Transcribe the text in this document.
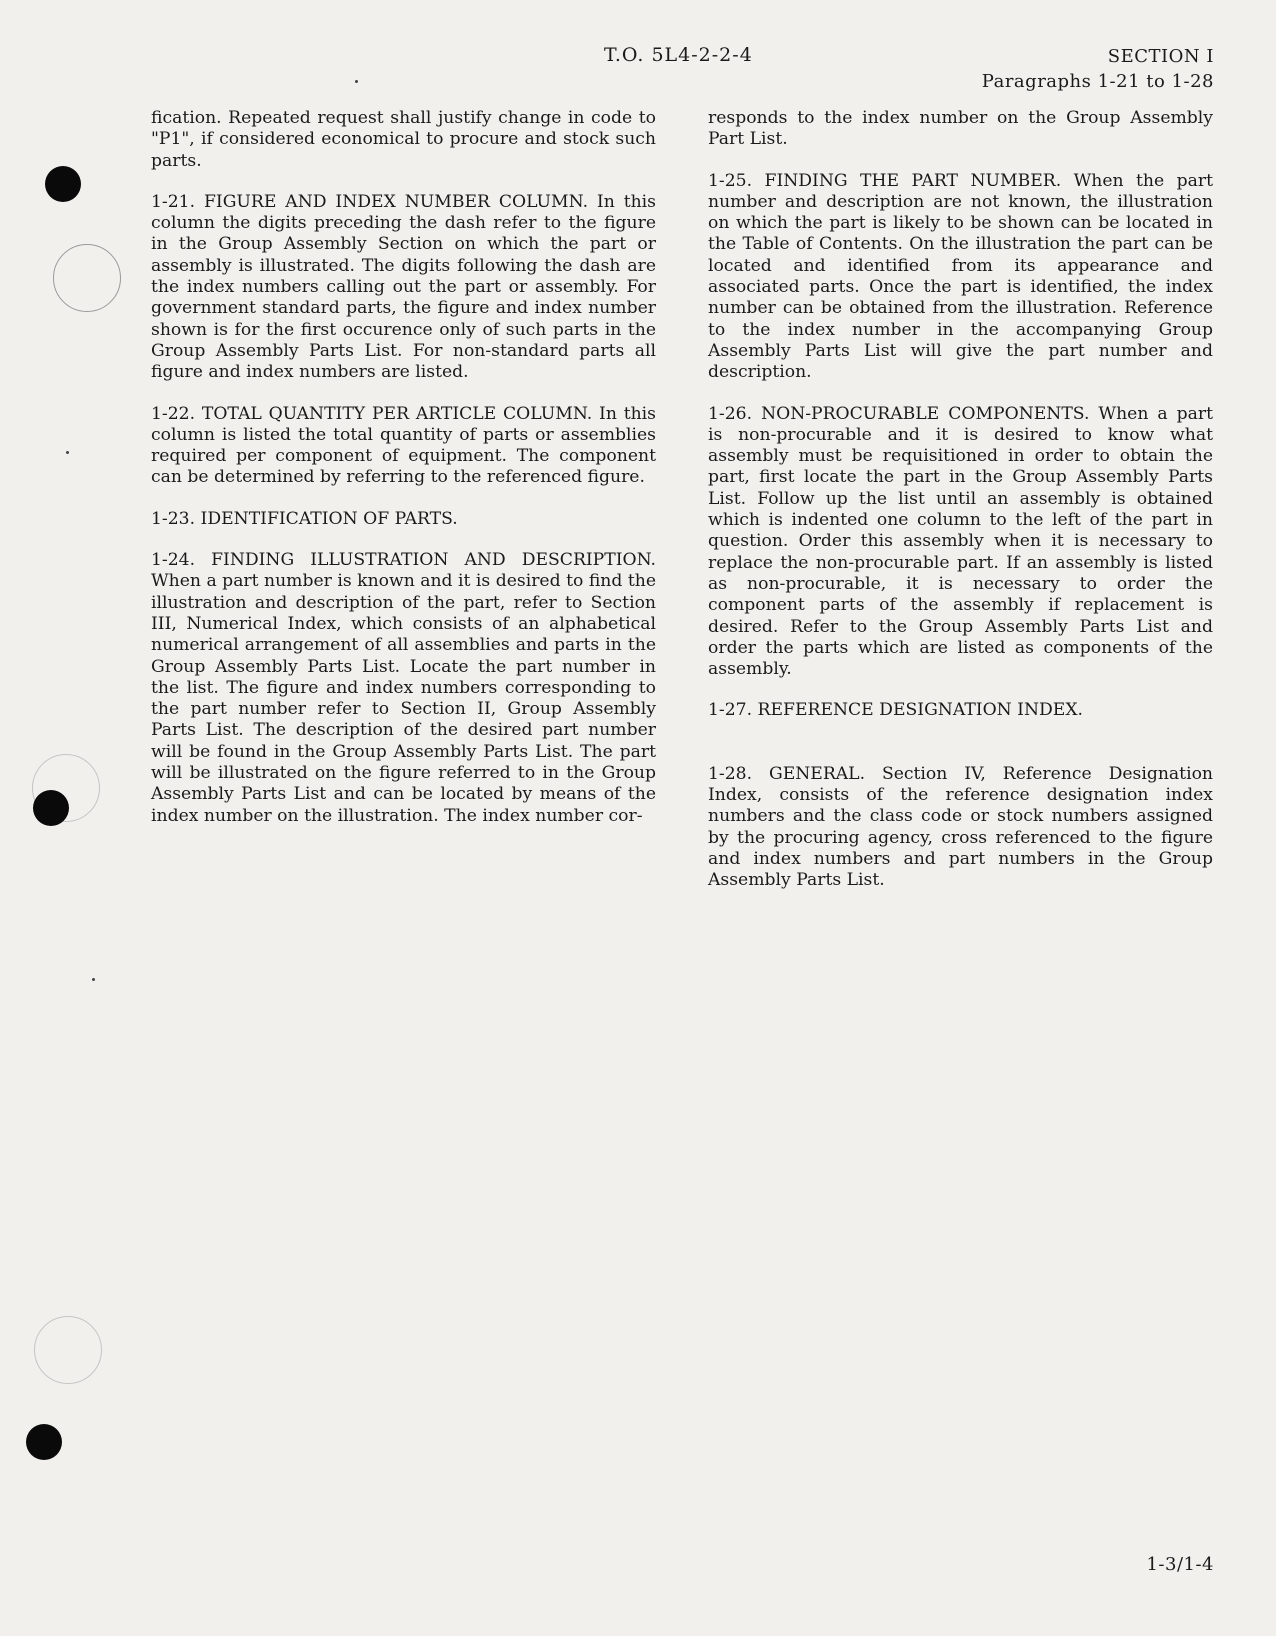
T.O. 5L4-2-2-4	SECTION I
Paragraphs 1-21 to 1-28

fication. Repeated request shall justify change in code to "P1", if considered economical to procure and stock such parts.

1-21. FIGURE AND INDEX NUMBER COLUMN. In this column the digits preceding the dash refer to the figure in the Group Assembly Section on which the part or assembly is illustrated. The digits following the dash are the index numbers calling out the part or assembly. For government standard parts, the figure and index number shown is for the first occurence only of such parts in the Group Assembly Parts List. For non-standard parts all figure and index numbers are listed.

1-22. TOTAL QUANTITY PER ARTICLE COLUMN. In this column is listed the total quantity of parts or assemblies required per component of equipment. The component can be determined by referring to the referenced figure.

1-23. IDENTIFICATION OF PARTS.

1-24. FINDING ILLUSTRATION AND DESCRIPTION. When a part number is known and it is desired to find the illustration and description of the part, refer to Section III, Numerical Index, which consists of an alphabetical numerical arrangement of all assemblies and parts in the Group Assembly Parts List. Locate the part number in the list. The figure and index numbers corresponding to the part number refer to Section II, Group Assembly Parts List. The description of the desired part number will be found in the Group Assembly Parts List. The part will be illustrated on the figure referred to in the Group Assembly Parts List and can be located by means of the index number on the illustration. The index number cor-

responds to the index number on the Group Assembly Part List.

1-25. FINDING THE PART NUMBER. When the part number and description are not known, the illustration on which the part is likely to be shown can be located in the Table of Contents. On the illustration the part can be located and identified from its appearance and associated parts. Once the part is identified, the index number can be obtained from the illustration. Reference to the index number in the accompanying Group Assembly Parts List will give the part number and description.

1-26. NON-PROCURABLE COMPONENTS. When a part is non-procurable and it is desired to know what assembly must be requisitioned in order to obtain the part, first locate the part in the Group Assembly Parts List. Follow up the list until an assembly is obtained which is indented one column to the left of the part in question. Order this assembly when it is necessary to replace the non-procurable part. If an assembly is listed as non-procurable, it is necessary to order the component parts of the assembly if replacement is desired. Refer to the Group Assembly Parts List and order the parts which are listed as components of the assembly.

1-27. REFERENCE DESIGNATION INDEX.

1-28. GENERAL. Section IV, Reference Designation Index, consists of the reference designation index numbers and the class code or stock numbers assigned by the procuring agency, cross referenced to the figure and index numbers and part numbers in the Group Assembly Parts List.

1-3/1-4
